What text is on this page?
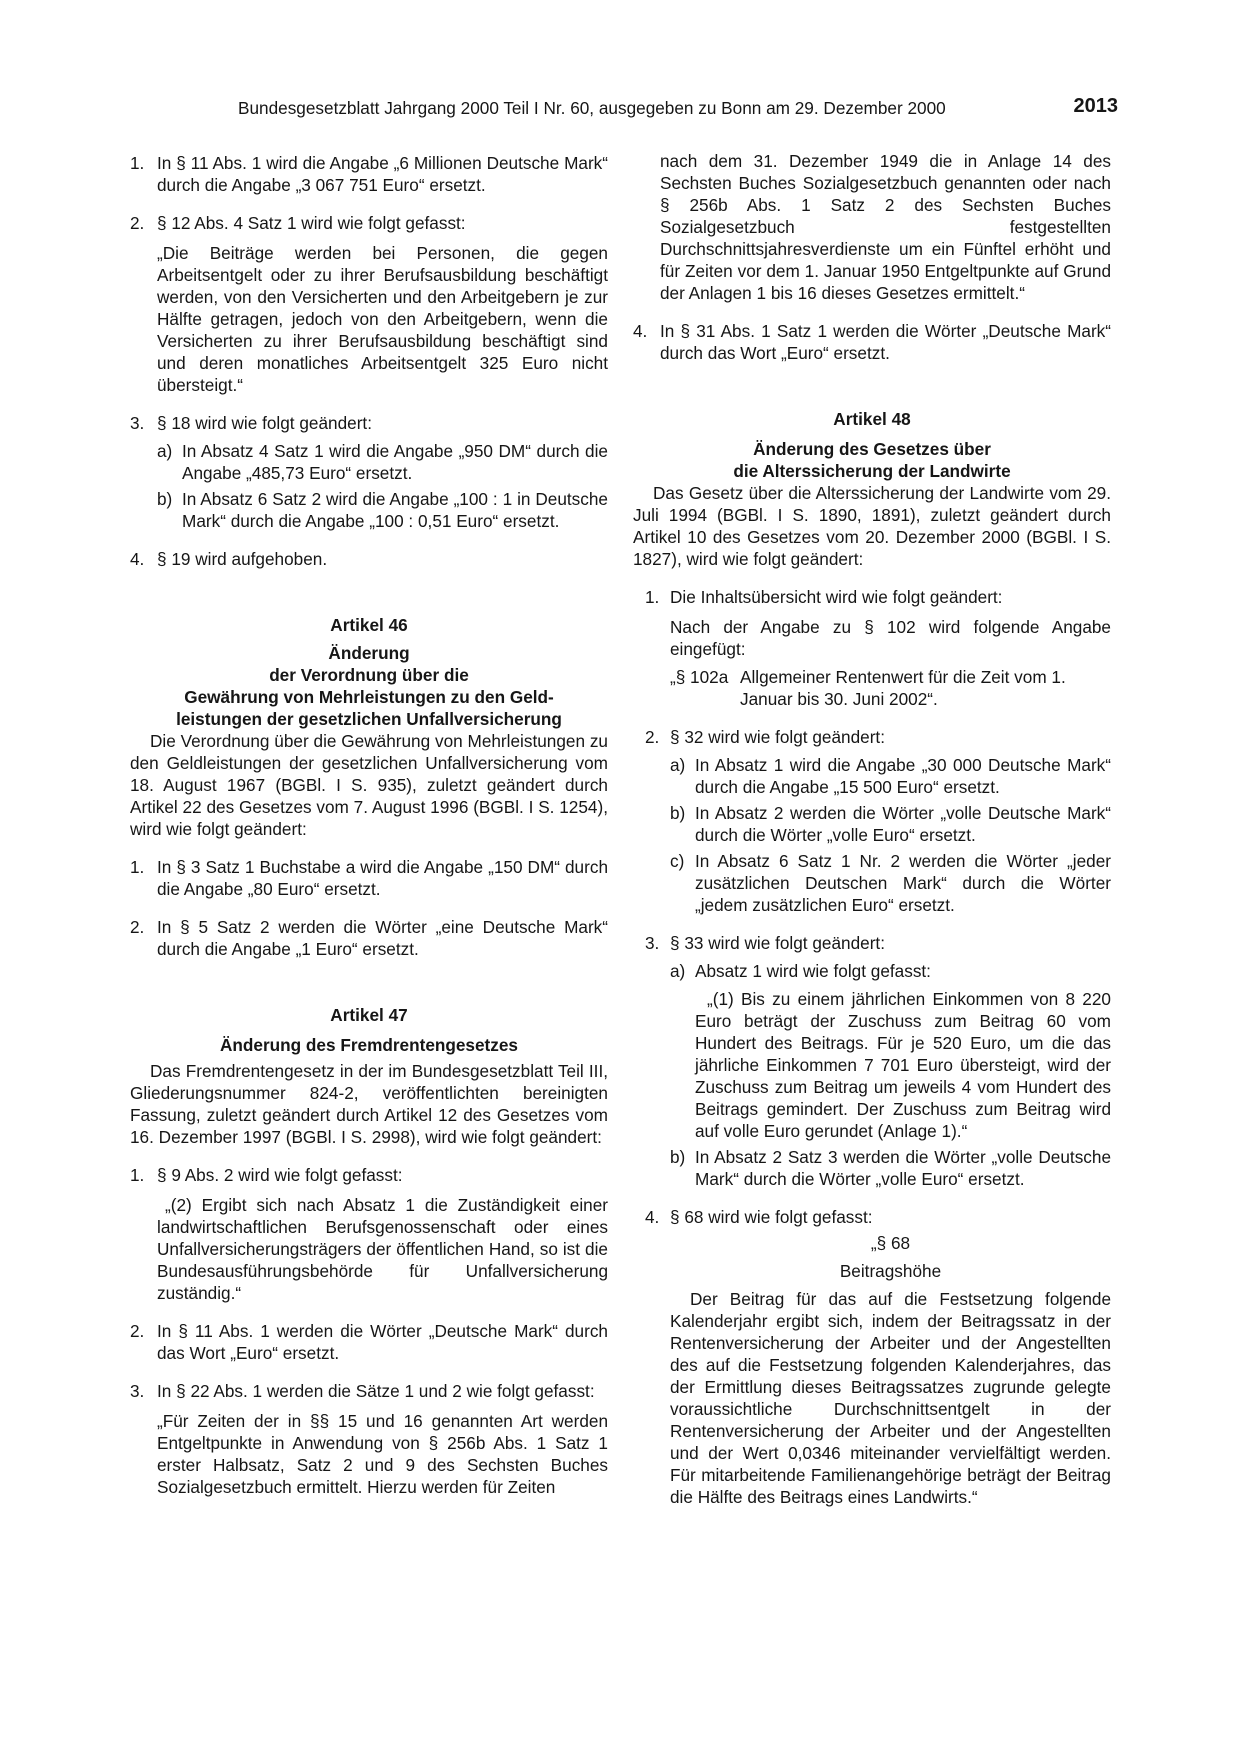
Bundesgesetzblatt Jahrgang 2000 Teil I Nr. 60, ausgegeben zu Bonn am 29. Dezember 2000	2013
1. In § 11 Abs. 1 wird die Angabe „6 Millionen Deutsche Mark“ durch die Angabe „3 067 751 Euro“ ersetzt.
2. § 12 Abs. 4 Satz 1 wird wie folgt gefasst:

„Die Beiträge werden bei Personen, die gegen Arbeitsentgelt oder zu ihrer Berufsausbildung beschäftigt werden, von den Versicherten und den Arbeitgebern je zur Hälfte getragen, jedoch von den Arbeitgebern, wenn die Versicherten zu ihrer Berufsausbildung beschäftigt sind und deren monatliches Arbeitsentgelt 325 Euro nicht übersteigt.“

3. § 18 wird wie folgt geändert:
a) In Absatz 4 Satz 1 wird die Angabe „950 DM“ durch die Angabe „485,73 Euro“ ersetzt.
b) In Absatz 6 Satz 2 wird die Angabe „100 : 1 in Deutsche Mark“ durch die Angabe „100 : 0,51 Euro“ ersetzt.
4. § 19 wird aufgehoben.

Artikel 46

Änderung

der Verordnung über die

Gewährung von Mehrleistungen zu den Geld-

leistungen der gesetzlichen Unfallversicherung

Die Verordnung über die Gewährung von Mehrleistungen zu den Geldleistungen der gesetzlichen Unfallversicherung vom 18. August 1967 (BGBl. I S. 935), zuletzt geändert durch Artikel 22 des Gesetzes vom 7. August 1996 (BGBl. I S. 1254), wird wie folgt geändert:

1. In § 3 Satz 1 Buchstabe a wird die Angabe „150 DM“ durch die Angabe „80 Euro“ ersetzt.
2. In § 5 Satz 2 werden die Wörter „eine Deutsche Mark“ durch die Angabe „1 Euro“ ersetzt.

Artikel 47

Änderung des Fremdrentengesetzes

Das Fremdrentengesetz in der im Bundesgesetzblatt Teil III, Gliederungsnummer 824-2, veröffentlichten bereinigten Fassung, zuletzt geändert durch Artikel 12 des Gesetzes vom 16. Dezember 1997 (BGBl. I S. 2998), wird wie folgt geändert:

1. § 9 Abs. 2 wird wie folgt gefasst:

„(2) Ergibt sich nach Absatz 1 die Zuständigkeit einer landwirtschaftlichen Berufsgenossenschaft oder eines Unfallversicherungsträgers der öffentlichen Hand, so ist die Bundesausführungsbehörde für Unfallversicherung zuständig.“

2. In § 11 Abs. 1 werden die Wörter „Deutsche Mark“ durch das Wort „Euro“ ersetzt.
3. In § 22 Abs. 1 werden die Sätze 1 und 2 wie folgt gefasst:

„Für Zeiten der in §§ 15 und 16 genannten Art werden Entgeltpunkte in Anwendung von § 256b Abs. 1 Satz 1 erster Halbsatz, Satz 2 und 9 des Sechsten Buches Sozialgesetzbuch ermittelt. Hierzu werden für Zeiten

nach dem 31. Dezember 1949 die in Anlage 14 des Sechsten Buches Sozialgesetzbuch genannten oder nach § 256b Abs. 1 Satz 2 des Sechsten Buches Sozialgesetzbuch festgestellten Durchschnittsjahresverdienste um ein Fünftel erhöht und für Zeiten vor dem 1. Januar 1950 Entgeltpunkte auf Grund der Anlagen 1 bis 16 dieses Gesetzes ermittelt.“

4. In § 31 Abs. 1 Satz 1 werden die Wörter „Deutsche Mark“ durch das Wort „Euro“ ersetzt.

Artikel 48

Änderung des Gesetzes über

die Alterssicherung der Landwirte

Das Gesetz über die Alterssicherung der Landwirte vom 29. Juli 1994 (BGBl. I S. 1890, 1891), zuletzt geändert durch Artikel 10 des Gesetzes vom 20. Dezember 2000 (BGBl. I S. 1827), wird wie folgt geändert:

1. Die Inhaltsübersicht wird wie folgt geändert:

Nach der Angabe zu § 102 wird folgende Angabe eingefügt:

„§ 102a Allgemeiner Rentenwert für die Zeit vom 1. Januar bis 30. Juni 2002“.
2. § 32 wird wie folgt geändert:
a) In Absatz 1 wird die Angabe „30 000 Deutsche Mark“ durch die Angabe „15 500 Euro“ ersetzt.
b) In Absatz 2 werden die Wörter „volle Deutsche Mark“ durch die Wörter „volle Euro“ ersetzt.
c) In Absatz 6 Satz 1 Nr. 2 werden die Wörter „jeder zusätzlichen Deutschen Mark“ durch die Wörter „jedem zusätzlichen Euro“ ersetzt.
3. § 33 wird wie folgt geändert:
a) Absatz 1 wird wie folgt gefasst:

„(1) Bis zu einem jährlichen Einkommen von 8 220 Euro beträgt der Zuschuss zum Beitrag 60 vom Hundert des Beitrags. Für je 520 Euro, um die das jährliche Einkommen 7 701 Euro übersteigt, wird der Zuschuss zum Beitrag um jeweils 4 vom Hundert des Beitrags gemindert. Der Zuschuss zum Beitrag wird auf volle Euro gerundet (Anlage 1).“

b) In Absatz 2 Satz 3 werden die Wörter „volle Deutsche Mark“ durch die Wörter „volle Euro“ ersetzt.
4. § 68 wird wie folgt gefasst:

„§ 68

Beitragshöhe

Der Beitrag für das auf die Festsetzung folgende Kalenderjahr ergibt sich, indem der Beitragssatz in der Rentenversicherung der Arbeiter und der Angestellten des auf die Festsetzung folgenden Kalenderjahres, das der Ermittlung dieses Beitragssatzes zugrunde gelegte voraussichtliche Durchschnittsentgelt in der Rentenversicherung der Arbeiter und der Angestellten und der Wert 0,0346 miteinander vervielfältigt werden. Für mitarbeitende Familienangehörige beträgt der Beitrag die Hälfte des Beitrags eines Landwirts.“
